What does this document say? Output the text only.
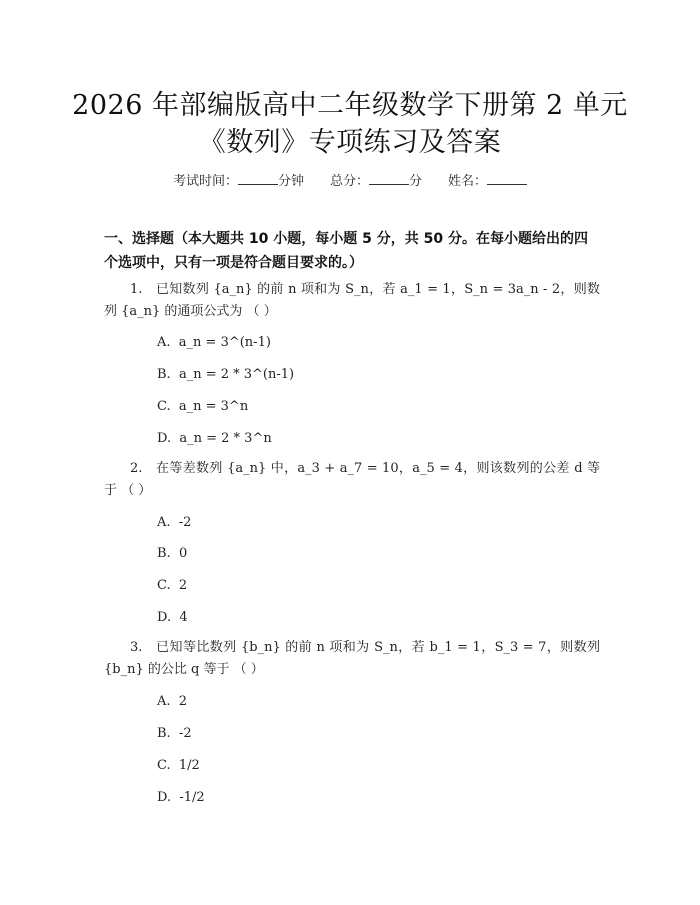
2026 年部编版高中二年级数学下册第 2 单元
《数列》专项练习及答案
考试时间：	分钟 总分：	分 姓名：
一、选择题（本大题共 10 小题，每小题 5 分，共 50 分。在每小题给出的四个选项中，只有一项是符合题目要求的。）
1.　已知数列 {a_n} 的前 n 项和为 S_n，若 a_1 = 1，S_n = 3a_n - 2，则数列 {a_n} 的通项公式为 （ ）
A.  a_n = 3^(n-1)
B.  a_n = 2 * 3^(n-1)
C.  a_n = 3^n
D.  a_n = 2 * 3^n
2.　在等差数列 {a_n} 中，a_3 + a_7 = 10，a_5 = 4，则该数列的公差 d 等于 （ ）
A.  -2
B.  0
C.  2
D.  4
3.　已知等比数列 {b_n} 的前 n 项和为 S_n，若 b_1 = 1，S_3 = 7，则数列 {b_n} 的公比 q 等于 （ ）
A.  2
B.  -2
C.  1/2
D.  -1/2
